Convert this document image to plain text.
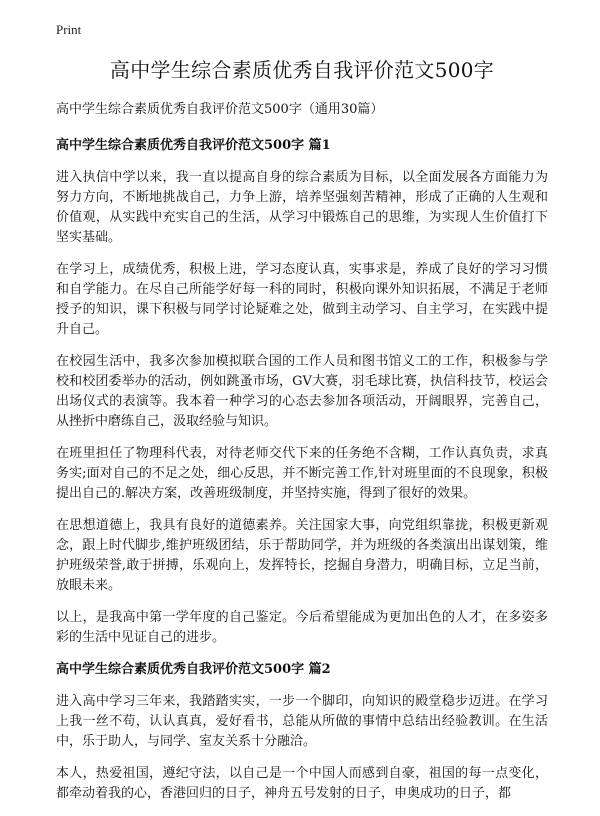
Print
高中学生综合素质优秀自我评价范文500字

高中学生综合素质优秀自我评价范文500字（通用30篇）

高中学生综合素质优秀自我评价范文500字 篇1

进入执信中学以来，我一直以提高自身的综合素质为目标，以全面发展各方面能力为努力方向，不断地挑战自己，力争上游，培养坚强刻苦精神，形成了正确的人生观和价值观，从实践中充实自己的生活，从学习中锻炼自己的思维，为实现人生价值打下坚实基础。

在学习上，成绩优秀，积极上进，学习态度认真，实事求是，养成了良好的学习习惯和自学能力。在尽自己所能学好每一科的同时，积极向课外知识拓展，不满足于老师授予的知识，课下积极与同学讨论疑难之处，做到主动学习、自主学习，在实践中提升自己。

在校园生活中，我多次参加模拟联合国的工作人员和图书馆义工的工作，积极参与学校和校团委举办的活动，例如跳蚤市场，GV大赛，羽毛球比赛，执信科技节，校运会出场仪式的表演等。我本着一种学习的心态去参加各项活动，开阔眼界，完善自己，从挫折中磨练自己，汲取经验与知识。

在班里担任了物理科代表，对待老师交代下来的任务绝不含糊，工作认真负责，求真务实;面对自己的不足之处，细心反思，并不断完善工作,针对班里面的不良现象，积极提出自己的.解决方案，改善班级制度，并坚持实施，得到了很好的效果。

在思想道德上，我具有良好的道德素养。关注国家大事，向党组织靠拢，积极更新观念，跟上时代脚步,维护班级团结，乐于帮助同学，并为班级的各类演出出谋划策，维护班级荣誉,敢于拼搏，乐观向上，发挥特长，挖掘自身潜力，明确目标，立足当前，放眼未来。

以上，是我高中第一学年度的自己鉴定。今后希望能成为更加出色的人才，在多姿多彩的生活中见证自己的进步。

高中学生综合素质优秀自我评价范文500字 篇2

进入高中学习三年来，我踏踏实实，一步一个脚印，向知识的殿堂稳步迈进。在学习上我一丝不苟，认认真真，爱好看书，总能从所做的事情中总结出经验教训。在生活中，乐于助人，与同学、室友关系十分融洽。

本人，热爱祖国，遵纪守法，以自己是一个中国人而感到自豪，祖国的每一点变化，都牵动着我的心，香港回归的日子，神舟五号发射的日子，申奥成功的日子，都
